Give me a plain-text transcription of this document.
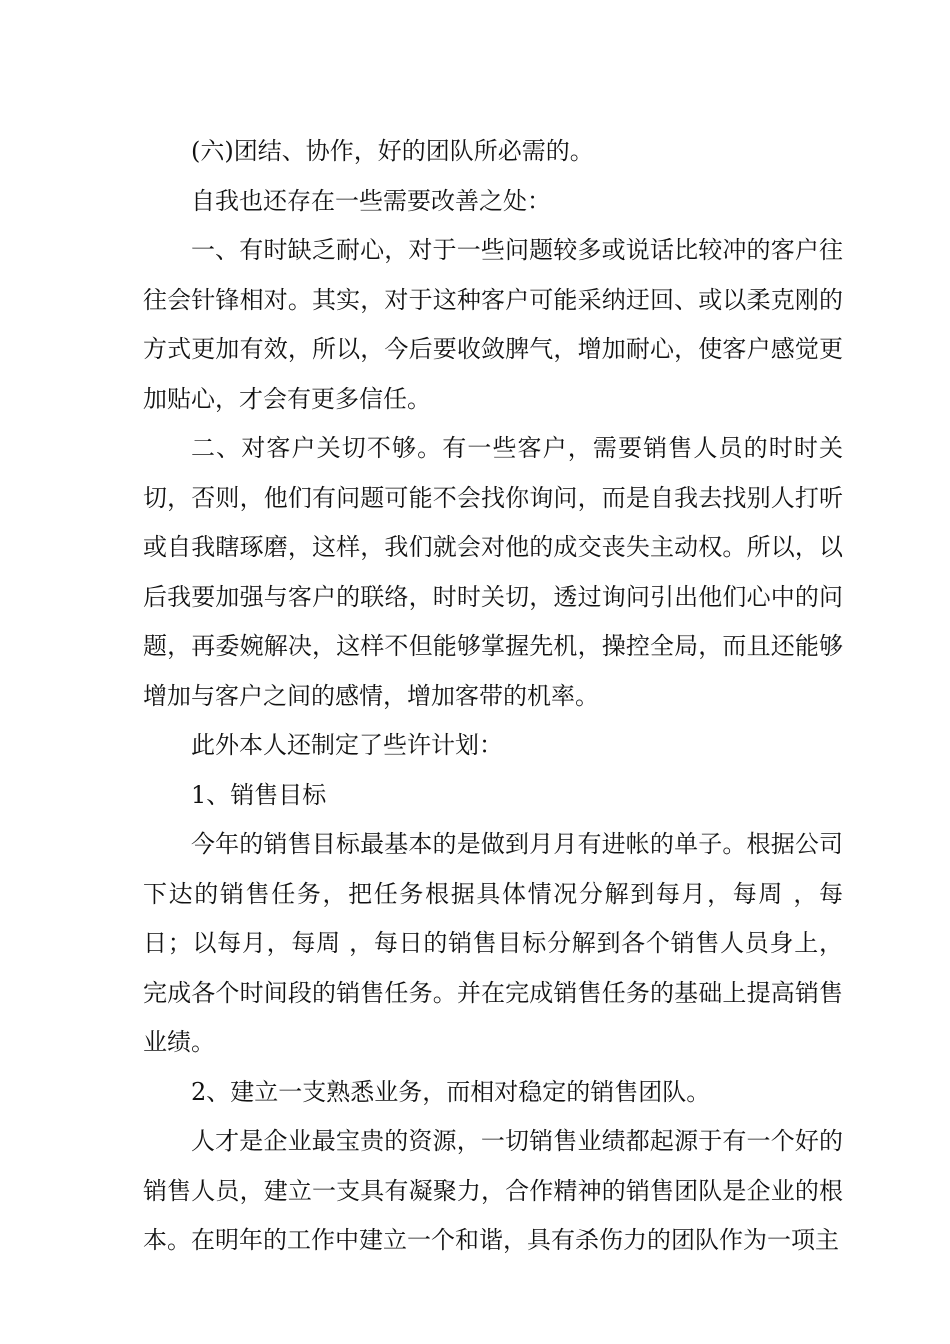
(六)团结、协作，好的团队所必需的。

自我也还存在一些需要改善之处：

一、有时缺乏耐心，对于一些问题较多或说话比较冲的客户往往会针锋相对。其实，对于这种客户可能采纳迂回、或以柔克刚的方式更加有效，所以，今后要收敛脾气，增加耐心，使客户感觉更加贴心，才会有更多信任。

二、对客户关切不够。有一些客户，需要销售人员的时时关切，否则，他们有问题可能不会找你询问，而是自我去找别人打听或自我瞎琢磨，这样，我们就会对他的成交丧失主动权。所以，以后我要加强与客户的联络，时时关切，透过询问引出他们心中的问题，再委婉解决，这样不但能够掌握先机，操控全局，而且还能够增加与客户之间的感情，增加客带的机率。

此外本人还制定了些许计划：

1、销售目标

今年的销售目标最基本的是做到月月有进帐的单子。根据公司下达的销售任务，把任务根据具体情况分解到每月，每周 ，每日；以每月，每周 ，每日的销售目标分解到各个销售人员身上，完成各个时间段的销售任务。并在完成销售任务的基础上提高销售业绩。

2、建立一支熟悉业务，而相对稳定的销售团队。

人才是企业最宝贵的资源，一切销售业绩都起源于有一个好的销售人员，建立一支具有凝聚力，合作精神的销售团队是企业的根本。在明年的工作中建立一个和谐，具有杀伤力的团队作为一项主
